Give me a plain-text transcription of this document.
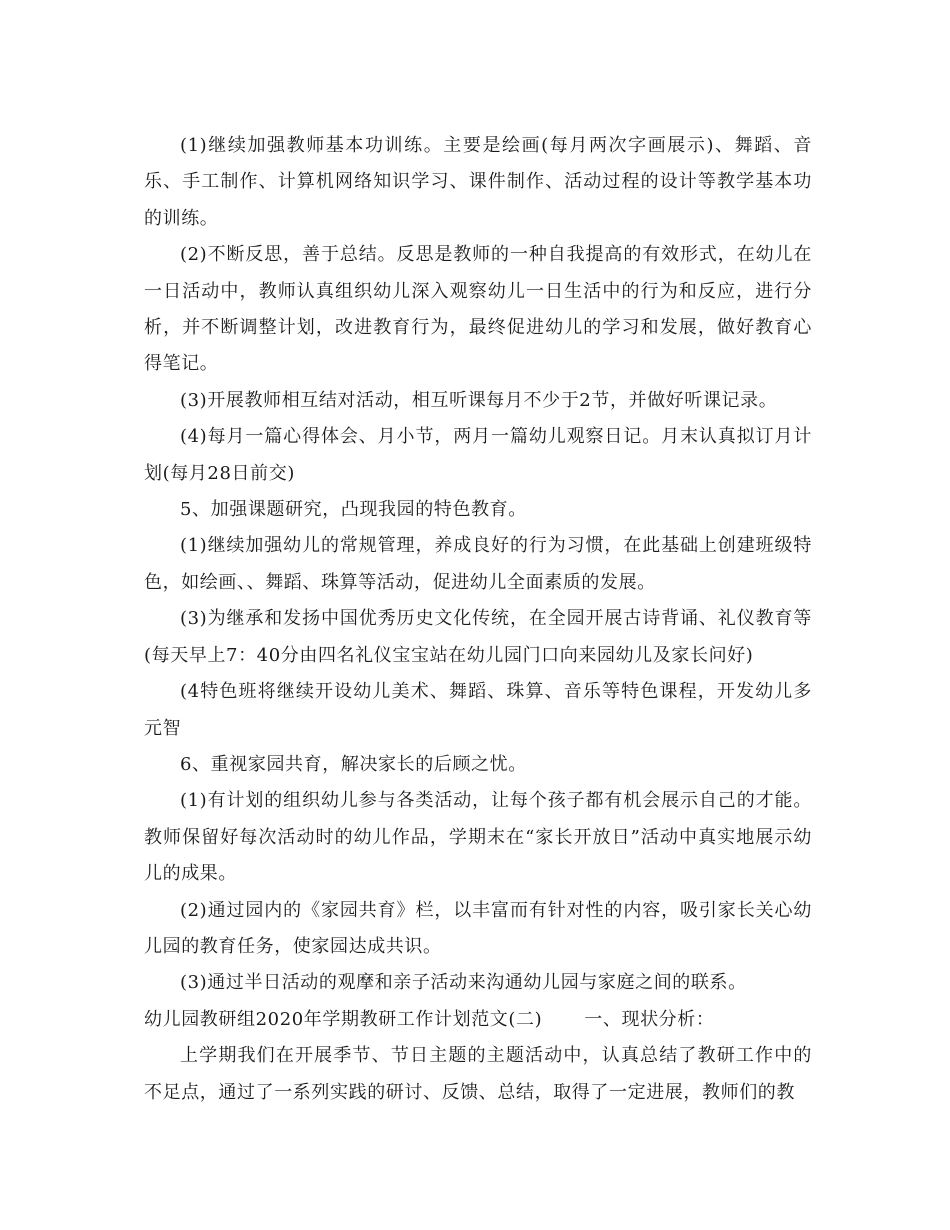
(1)继续加强教师基本功训练。主要是绘画(每月两次字画展示)、舞蹈、音乐、手工制作、计算机网络知识学习、课件制作、活动过程的设计等教学基本功的训练。

(2)不断反思，善于总结。反思是教师的一种自我提高的有效形式，在幼儿在一日活动中，教师认真组织幼儿深入观察幼儿一日生活中的行为和反应，进行分析，并不断调整计划，改进教育行为，最终促进幼儿的学习和发展，做好教育心得笔记。

(3)开展教师相互结对活动，相互听课每月不少于2节，并做好听课记录。

(4)每月一篇心得体会、月小节，两月一篇幼儿观察日记。月末认真拟订月计划(每月28日前交)

5、加强课题研究，凸现我园的特色教育。

(1)继续加强幼儿的常规管理，养成良好的行为习惯，在此基础上创建班级特色，如绘画、、舞蹈、珠算等活动，促进幼儿全面素质的发展。

(3)为继承和发扬中国优秀历史文化传统，在全园开展古诗背诵、礼仪教育等(每天早上7：40分由四名礼仪宝宝站在幼儿园门口向来园幼儿及家长问好)

(4特色班将继续开设幼儿美术、舞蹈、珠算、音乐等特色课程，开发幼儿多元智

6、重视家园共育，解决家长的后顾之忧。

(1)有计划的组织幼儿参与各类活动，让每个孩子都有机会展示自己的才能。教师保留好每次活动时的幼儿作品，学期末在“家长开放日”活动中真实地展示幼儿的成果。

(2)通过园内的《家园共育》栏，以丰富而有针对性的内容，吸引家长关心幼儿园的教育任务，使家园达成共识。

(3)通过半日活动的观摩和亲子活动来沟通幼儿园与家庭之间的联系。

幼儿园教研组2020年学期教研工作计划范文(二) 一、现状分析：

上学期我们在开展季节、节日主题的主题活动中，认真总结了教研工作中的不足点，通过了一系列实践的研讨、反馈、总结，取得了一定进展，教师们的教
